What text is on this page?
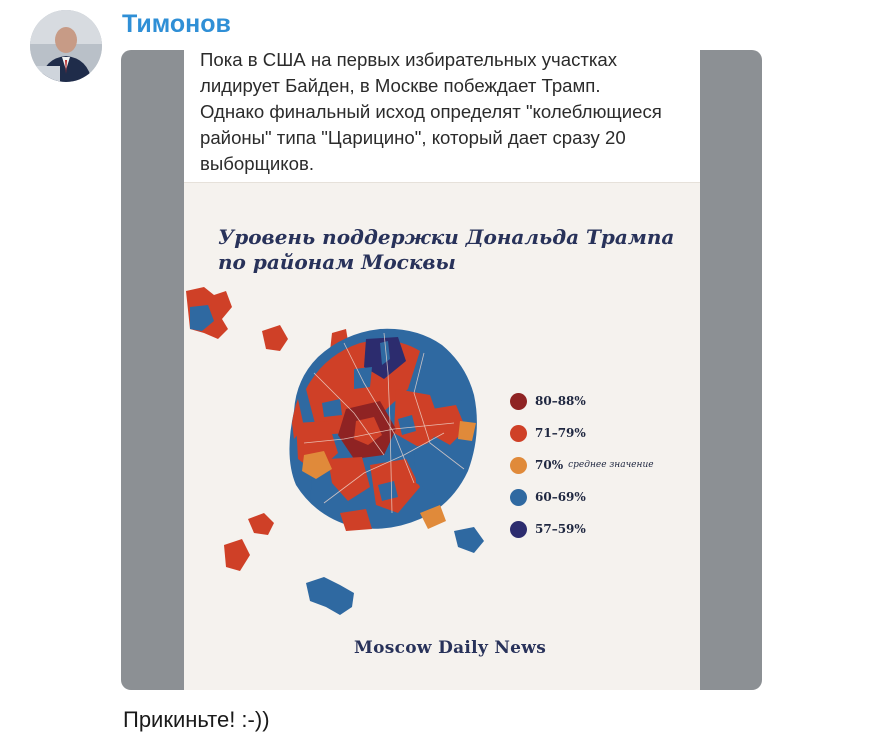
Тимонов
Пока в США на первых избирательных участках
лидирует Байден, в Москве побеждает Трамп.
Однако финальный исход определят "колеблющиеся
районы" типа "Царицино", который дает сразу 20
выборщиков.
Уровень поддержки Дональда Трампа
по районам Москвы
80–88%
71–79%
70% среднее значение
60–69%
57–59%
Moscow Daily News
Прикиньте! :-))
